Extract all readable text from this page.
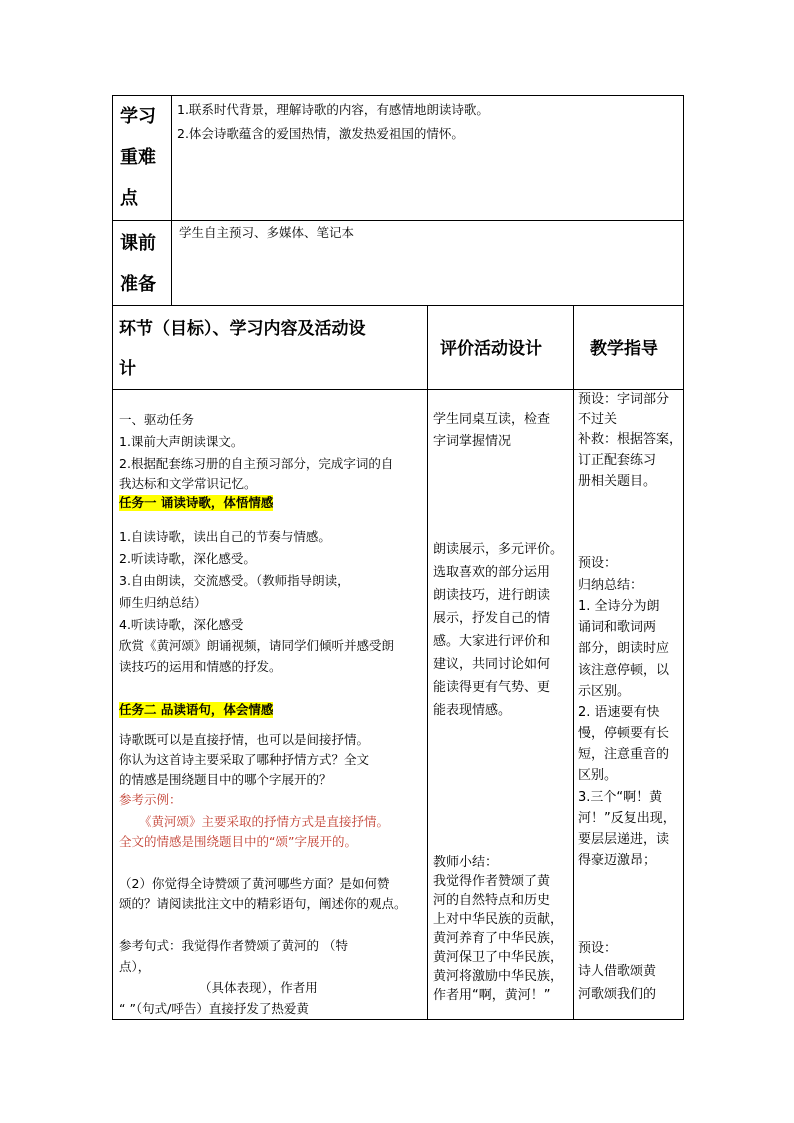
学习
重难
点
1.联系时代背景，理解诗歌的内容，有感情地朗读诗歌。
2.体会诗歌蕴含的爱国热情，激发热爱祖国的情怀。
课前
准备
学生自主预习、多媒体、笔记本
环节（目标）、学习内容及活动设
计
评价活动设计	教学指导
一、驱动任务
1.课前大声朗读课文。
2.根据配套练习册的自主预习部分，完成字词的自
我达标和文学常识记忆。
任务一 诵读诗歌，体悟情感
1.自读诗歌，读出自己的节奏与情感。
2.听读诗歌，深化感受。
3.自由朗读，交流感受。（教师指导朗读，
师生归纳总结）
4.听读诗歌，深化感受
欣赏《黄河颂》朗诵视频，请同学们倾听并感受朗
读技巧的运用和情感的抒发。
任务二 品读语句，体会情感
诗歌既可以是直接抒情，也可以是间接抒情。
你认为这首诗主要采取了哪种抒情方式？全文
的情感是围绕题目中的哪个字展开的？
参考示例：
《黄河颂》主要采取的抒情方式是直接抒情。
全文的情感是围绕题目中的“颂”字展开的。
（2）你觉得全诗赞颂了黄河哪些方面？是如何赞
颂的？请阅读批注文中的精彩语句，阐述你的观点。
参考句式：我觉得作者赞颂了黄河的 （特
点），
（具体表现），作者用
“ ”（句式/呼告）直接抒发了热爱黄
学生同桌互读，检查
字词掌握情况
朗读展示，多元评价。
选取喜欢的部分运用
朗读技巧，进行朗读
展示，抒发自己的情
感。大家进行评价和
建议，共同讨论如何
能读得更有气势、更
能表现情感。
教师小结：
我觉得作者赞颂了黄
河的自然特点和历史
上对中华民族的贡献，
黄河养育了中华民族，
黄河保卫了中华民族，
黄河将激励中华民族，
作者用“啊，黄河！”
预设：字词部分
不过关
补救：根据答案，
订正配套练习
册相关题目。
预设：
归纳总结：
1. 全诗分为朗
诵词和歌词两
部分，朗读时应
该注意停顿，以
示区别。
2. 语速要有快
慢，停顿要有长
短，注意重音的
区别。
3.三个“啊！黄
河！”反复出现，
要层层递进，读
得豪迈激昂；
预设：
诗人借歌颂黄
河歌颂我们的
